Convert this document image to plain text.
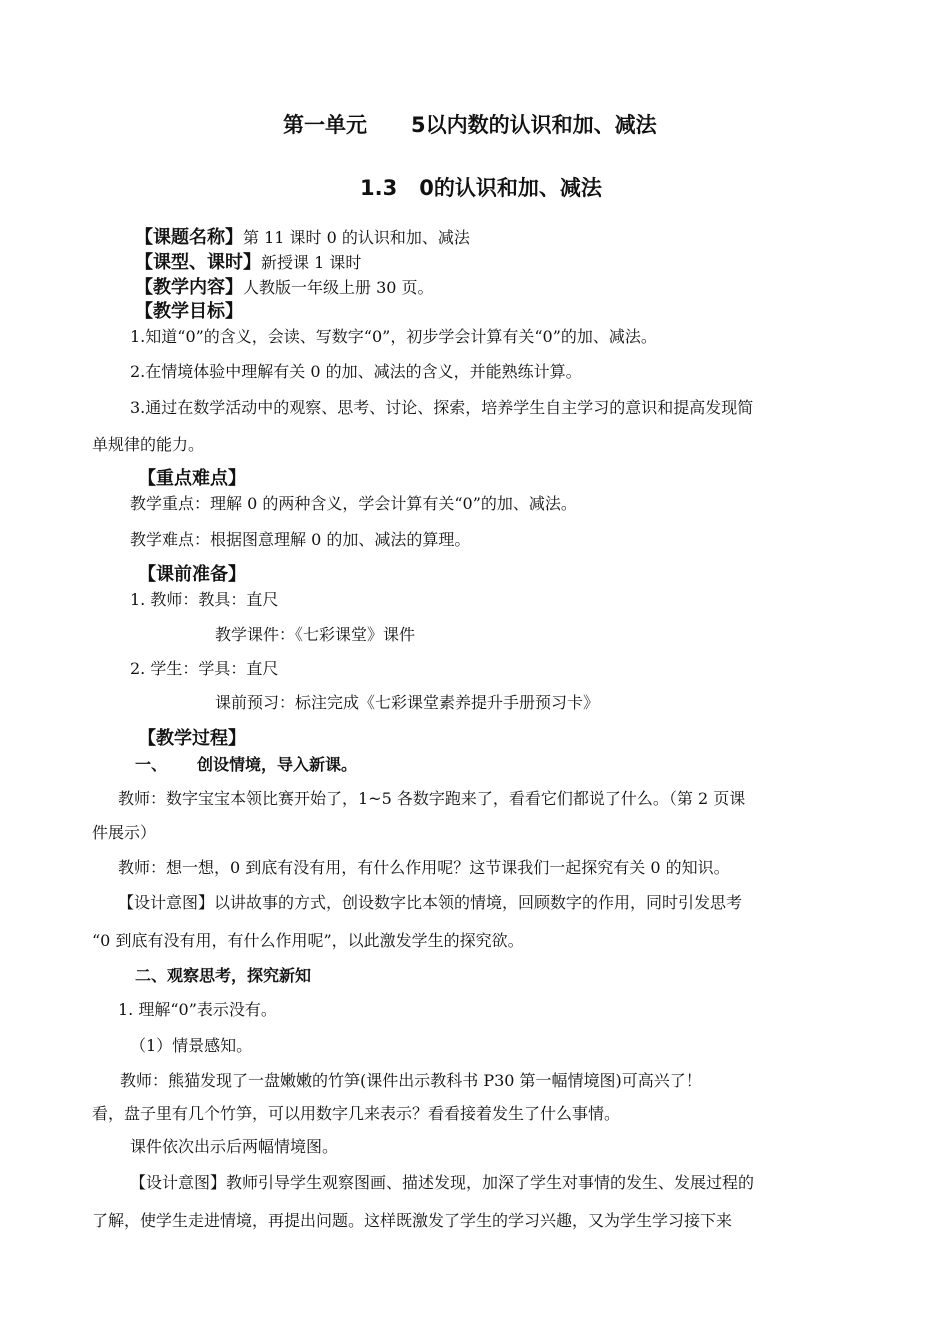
第一单元 5以内数的认识和加、减法
1.3 0的认识和加、减法
【课题名称】第 11 课时 0 的认识和加、减法
【课型、课时】新授课 1 课时
【教学内容】人教版一年级上册 30 页。
【教学目标】
1.知道“0”的含义，会读、写数字“0”，初步学会计算有关“0”的加、减法。
2.在情境体验中理解有关 0 的加、减法的含义，并能熟练计算。
3.通过在数学活动中的观察、思考、讨论、探索，培养学生自主学习的意识和提高发现简
单规律的能力。
【重点难点】
教学重点：理解 0 的两种含义，学会计算有关“0”的加、减法。
教学难点：根据图意理解 0 的加、减法的算理。
【课前准备】
1. 教师：教具：直尺
教学课件：《七彩课堂》课件
2. 学生：学具：直尺
课前预习：标注完成《七彩课堂素养提升手册预习卡》
【教学过程】
一、 创设情境，导入新课。
教师：数字宝宝本领比赛开始了，1~5 各数字跑来了，看看它们都说了什么。（第 2 页课
件展示）
教师：想一想，0 到底有没有用，有什么作用呢？这节课我们一起探究有关 0 的知识。
【设计意图】以讲故事的方式，创设数字比本领的情境，回顾数字的作用，同时引发思考
“0 到底有没有用，有什么作用呢”，以此激发学生的探究欲。
二、观察思考，探究新知
1. 理解“0”表示没有。
（1）情景感知。
教师：熊猫发现了一盘嫩嫩的竹笋(课件出示教科书 P30 第一幅情境图)可高兴了！
看，盘子里有几个竹笋，可以用数字几来表示？看看接着发生了什么事情。
课件依次出示后两幅情境图。
【设计意图】教师引导学生观察图画、描述发现，加深了学生对事情的发生、发展过程的
了解，使学生走进情境，再提出问题。这样既激发了学生的学习兴趣，又为学生学习接下来
